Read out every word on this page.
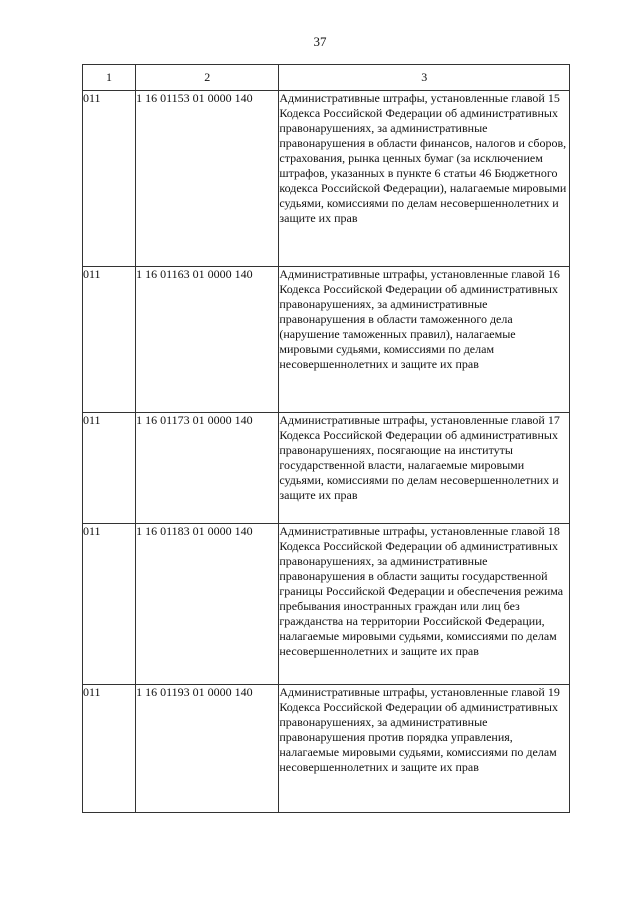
37
1	2	3
011	1 16 01153 01 0000 140	Административные штрафы, установленные главой 15 Кодекса Российской Федерации об административных правонарушениях, за административные правонарушения в области финансов, налогов и сборов, страхования, рынка ценных бумаг (за исключением штрафов, указанных в пункте 6 статьи 46 Бюджетного кодекса Российской Федерации), налагаемые мировыми судьями, комиссиями по делам несовершеннолетних и защите их прав

011	1 16 01163 01 0000 140	Административные штрафы, установленные главой 16 Кодекса Российской Федерации об административных правонарушениях, за административные правонарушения в области таможенного дела (нарушение таможенных правил), налагаемые мировыми судьями, комиссиями по делам несовершеннолетних и защите их прав

011	1 16 01173 01 0000 140	Административные штрафы, установленные главой 17 Кодекса Российской Федерации об административных правонарушениях, посягающие на институты государственной власти, налагаемые мировыми судьями, комиссиями по делам несовершеннолетних и защите их прав

011	1 16 01183 01 0000 140	Административные штрафы, установленные главой 18 Кодекса Российской Федерации об административных правонарушениях, за административные правонарушения в области защиты государственной границы Российской Федерации и обеспечения режима пребывания иностранных граждан или лиц без гражданства на территории Российской Федерации, налагаемые мировыми судьями, комиссиями по делам несовершеннолетних и защите их прав

011	1 16 01193 01 0000 140	Административные штрафы, установленные главой 19 Кодекса Российской Федерации об административных правонарушениях, за административные правонарушения против порядка управления, налагаемые мировыми судьями, комиссиями по делам несовершеннолетних и защите их прав
